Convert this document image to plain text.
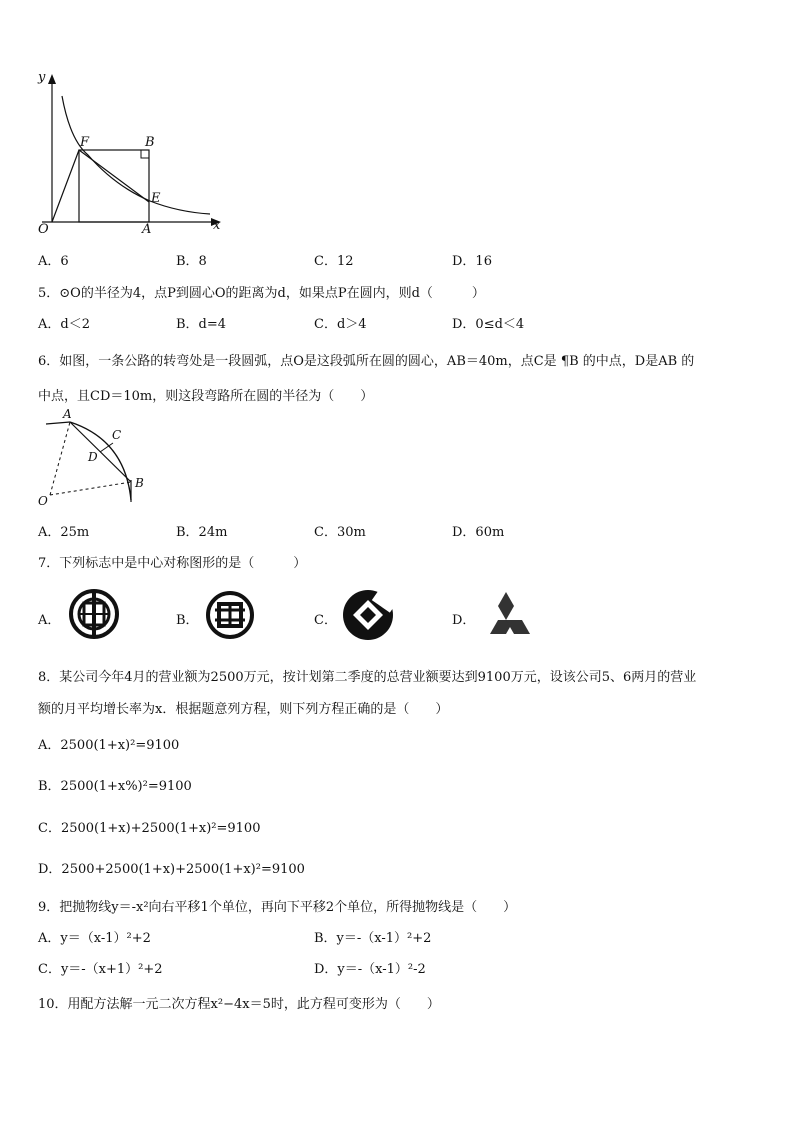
y
F	B
E
O	A	x
A．6	B．8	C．12	D．16
5．⊙O的半径为4，点P到圆心O的距离为d，如果点P在圆内，则d（　　　）
A．d＜2	B．d=4	C．d＞4	D．0≤d＜4
6．如图，一条公路的转弯处是一段圆弧，点O是这段弧所在圆的圆心，AB＝40m，点C是 ¶B 的中点，D是AB 的
中点，且CD＝10m，则这段弯路所在圆的半径为（　　）
A
C
D
B
O
A．25m	B．24m	C．30m	D．60m
7．下列标志中是中心对称图形的是（　　　）
A．	B．	C．	D．
8．某公司今年4月的营业额为2500万元，按计划第二季度的总营业额要达到9100万元，设该公司5、6两月的营业
额的月平均增长率为x．根据题意列方程，则下列方程正确的是（　　）
A．2500(1+x)²=9100
B．2500(1+x%)²=9100
C．2500(1+x)+2500(1+x)²=9100
D．2500+2500(1+x)+2500(1+x)²=9100
9．把抛物线y＝-x²向右平移1个单位，再向下平移2个单位，所得抛物线是（　　）
A．y＝（x-1）²+2	B．y＝-（x-1）²+2
C．y＝-（x+1）²+2	D．y＝-（x-1）²-2
10．用配方法解一元二次方程x²−4x＝5时，此方程可变形为（　　）
